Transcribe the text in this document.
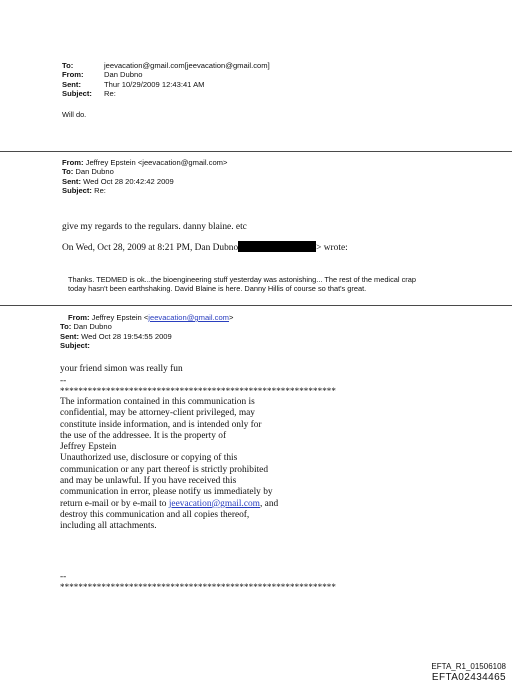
To:	jeevacation@gmail.com[jeevacation@gmail.com]
From:	Dan Dubno
Sent:	Thur 10/29/2009 12:43:41 AM
Subject:	Re:
Will do.
From:
Jeffrey Epstein <jeevacation@gmail.com>
To:
Dan Dubno
Sent:
Wed Oct 28 20:42:42 2009
Subject:
Re:
give my regards to the regulars. danny blaine. etc
On Wed, Oct 28, 2009 at 8:21 PM, Dan Dubno	> wrote:
Thanks. TEDMED is ok...the bioengineering stuff yesterday was astonishing... The rest of the medical crap
today hasn't been earthshaking. David Blaine is here. Danny Hillis of course so that's great.
From:
Jeffrey Epstein < jeevacation@gmail.com >
To:
Dan Dubno
Sent:
Wed Oct 28 19:54:55 2009
Subject:

your friend simon was really fun
--
************************************************************
The information contained in this communication is
confidential, may be attorney-client privileged, may
constitute inside information, and is intended only for
the use of the addressee. It is the property of
Jeffrey Epstein
Unauthorized use, disclosure or copying of this
communication or any part thereof is strictly prohibited
and may be unlawful. If you have received this
communication in error, please notify us immediately by
return e-mail or by e-mail to jeevacation@gmail.com, and
destroy this communication and all copies thereof,
including all attachments.
--
************************************************************
EFTA_R1_01506108
EFTA02434465
